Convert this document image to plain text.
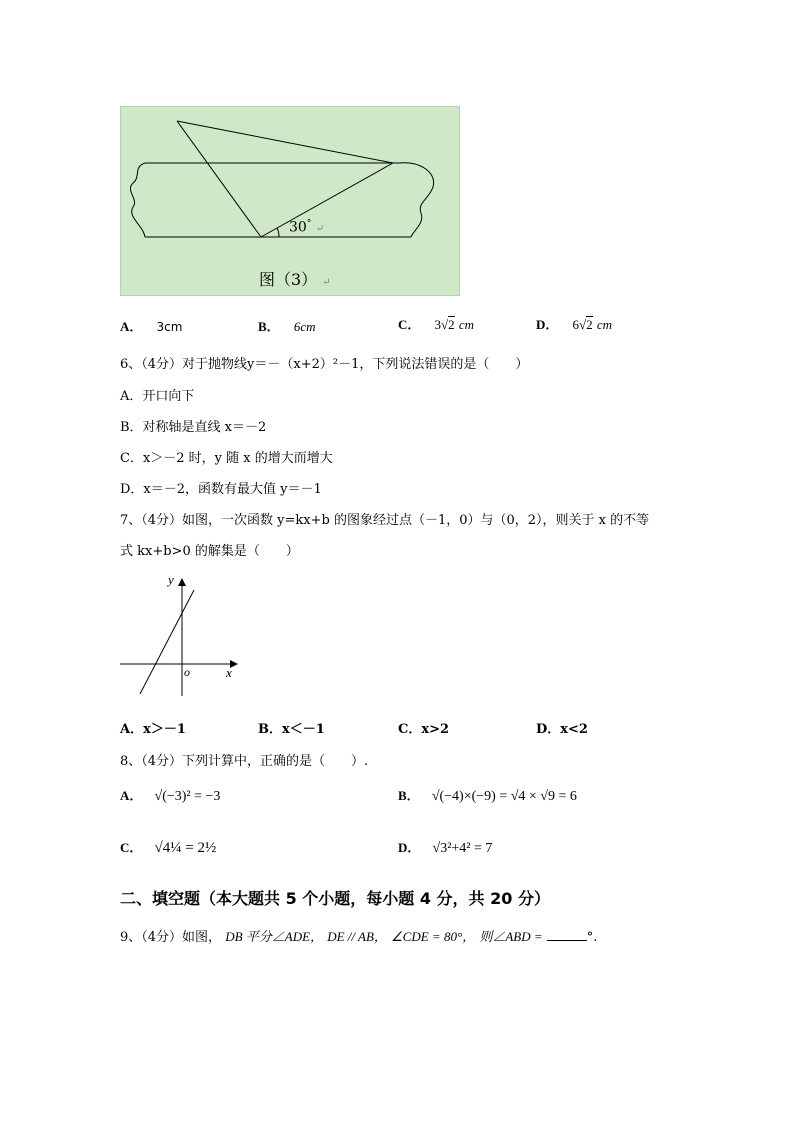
30° ↵
图（3） ↵
A． 3cm	B． 6cm	C． 3√2 cm	D． 6√2 cm
6、（4分）对于抛物线y＝－（x+2）²－1，下列说法错误的是（　　）
A．开口向下
B．对称轴是直线 x＝－2
C．x＞－2 时，y 随 x 的增大而增大
D．x＝－2，函数有最大值 y＝－1
7、（4分）如图，一次函数 y=kx+b 的图象经过点（－1，0）与（0，2），则关于 x 的不等
式 kx+b>0 的解集是（　　）
y
x
o
A．x＞－1	B．x＜－1	C．x>2	D．x<2
8、（4分）下列计算中，正确的是（　　）.
A． √(−3)² = −3	B． √(−4)×(−9) = √4 × √9 = 6
C． √4¼ = 2½	D． √3²+4² = 7
二、填空题（本大题共 5 个小题，每小题 4 分，共 20 分）
9、（4分）如图， DB 平分∠ADE， DE // AB， ∠CDE = 80°， 则∠ABD =	°.
